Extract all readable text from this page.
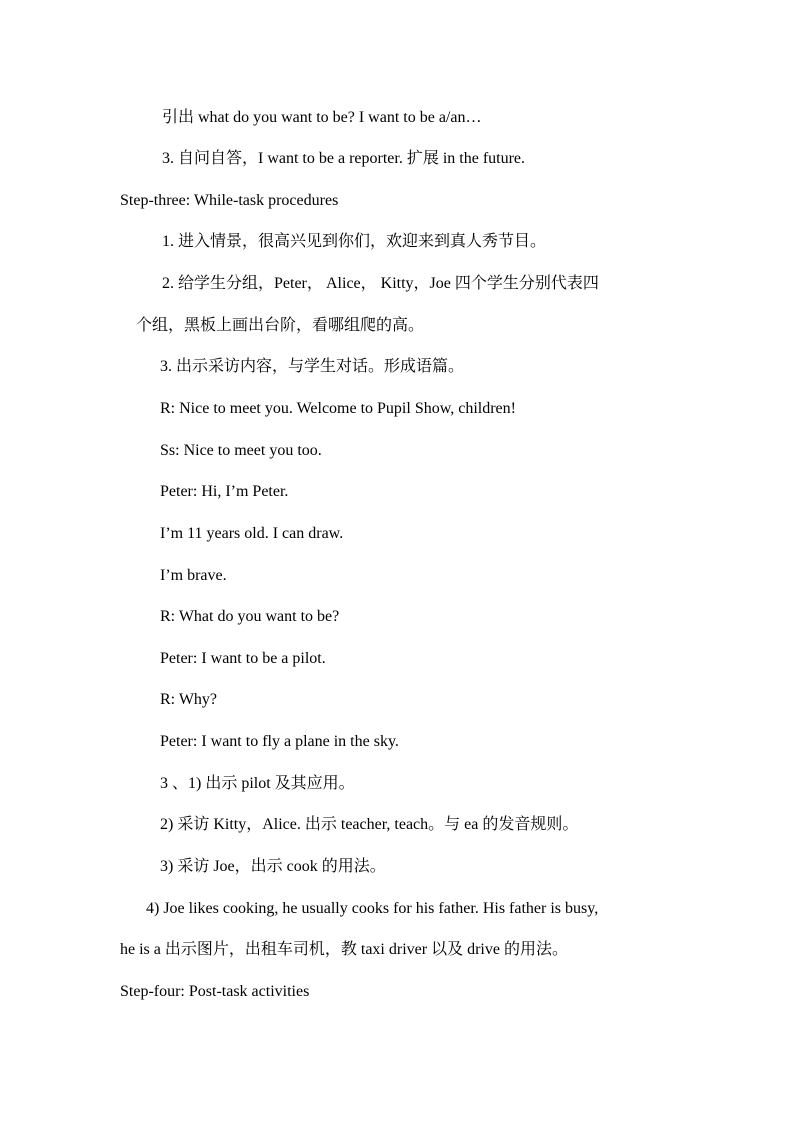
引出 what do you want to be? I want to be a/an…
3. 自问自答，I want to be a reporter. 扩展 in the future.
Step-three: While-task procedures
1. 进入情景，很高兴见到你们，欢迎来到真人秀节目。
2. 给学生分组，Peter， Alice， Kitty，Joe 四个学生分别代表四
个组，黑板上画出台阶，看哪组爬的高。
3. 出示采访内容，与学生对话。形成语篇。
R: Nice to meet you. Welcome to Pupil Show, children!
Ss: Nice to meet you too.
Peter: Hi, I’m Peter.
I’m 11 years old. I can draw.
I’m brave.
R: What do you want to be?
Peter: I want to be a pilot.
R: Why?
Peter: I want to fly a plane in the sky.
3 、1) 出示 pilot 及其应用。
2) 采访 Kitty，Alice. 出示 teacher, teach。与 ea 的发音规则。
3) 采访 Joe，出示 cook 的用法。
4) Joe likes cooking, he usually cooks for his father. His father is busy,
he is a 出示图片，出租车司机，教 taxi driver 以及 drive 的用法。
Step-four: Post-task activities
